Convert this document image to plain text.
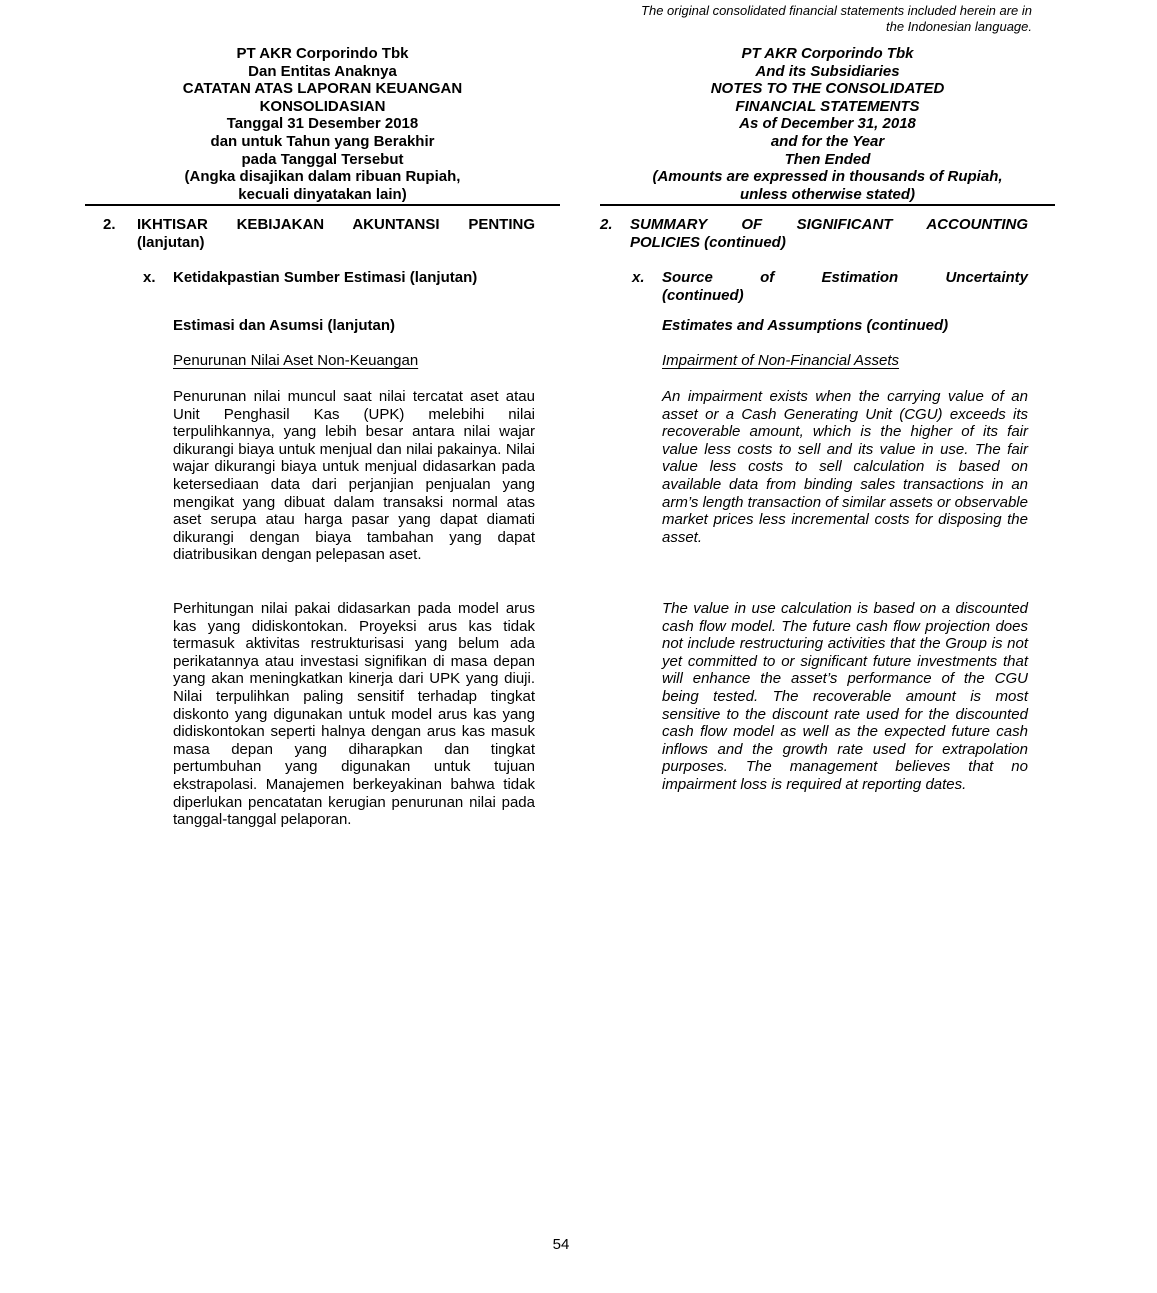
The original consolidated financial statements included herein are in
the Indonesian language.
PT AKR Corporindo Tbk
Dan Entitas Anaknya
CATATAN ATAS LAPORAN KEUANGAN
KONSOLIDASIAN
Tanggal 31 Desember 2018
dan untuk Tahun yang Berakhir
pada Tanggal Tersebut
(Angka disajikan dalam ribuan Rupiah,
kecuali dinyatakan lain)
2. IKHTISAR KEBIJAKAN AKUNTANSI PENTING
(lanjutan)
x. Ketidakpastian Sumber Estimasi (lanjutan)
Estimasi dan Asumsi (lanjutan)
Penurunan Nilai Aset Non-Keuangan

Penurunan nilai muncul saat nilai tercatat aset atau Unit Penghasil Kas (UPK) melebihi nilai terpulihkannya, yang lebih besar antara nilai wajar dikurangi biaya untuk menjual dan nilai pakainya. Nilai wajar dikurangi biaya untuk menjual didasarkan pada ketersediaan data dari perjanjian penjualan yang mengikat yang dibuat dalam transaksi normal atas aset serupa atau harga pasar yang dapat diamati dikurangi dengan biaya tambahan yang dapat diatribusikan dengan pelepasan aset.

Perhitungan nilai pakai didasarkan pada model arus kas yang didiskontokan. Proyeksi arus kas tidak termasuk aktivitas restrukturisasi yang belum ada perikatannya atau investasi signifikan di masa depan yang akan meningkatkan kinerja dari UPK yang diuji. Nilai terpulihkan paling sensitif terhadap tingkat diskonto yang digunakan untuk model arus kas yang didiskontokan seperti halnya dengan arus kas masuk masa depan yang diharapkan dan tingkat pertumbuhan yang digunakan untuk tujuan ekstrapolasi. Manajemen berkeyakinan bahwa tidak diperlukan pencatatan kerugian penurunan nilai pada tanggal-tanggal pelaporan.

PT AKR Corporindo Tbk
And its Subsidiaries
NOTES TO THE CONSOLIDATED
FINANCIAL STATEMENTS
As of December 31, 2018
and for the Year
Then Ended
(Amounts are expressed in thousands of Rupiah,
unless otherwise stated)
2. SUMMARY OF SIGNIFICANT ACCOUNTING
POLICIES (continued)
x. Source of Estimation Uncertainty
(continued)
Estimates and Assumptions (continued)
Impairment of Non-Financial Assets

An impairment exists when the carrying value of an asset or a Cash Generating Unit (CGU) exceeds its recoverable amount, which is the higher of its fair value less costs to sell and its value in use. The fair value less costs to sell calculation is based on available data from binding sales transactions in an arm’s length transaction of similar assets or observable market prices less incremental costs for disposing the asset.

The value in use calculation is based on a discounted cash flow model. The future cash flow projection does not include restructuring activities that the Group is not yet committed to or significant future investments that will enhance the asset’s performance of the CGU being tested. The recoverable amount is most sensitive to the discount rate used for the discounted cash flow model as well as the expected future cash inflows and the growth rate used for extrapolation purposes. The management believes that no impairment loss is required at reporting dates.

54
